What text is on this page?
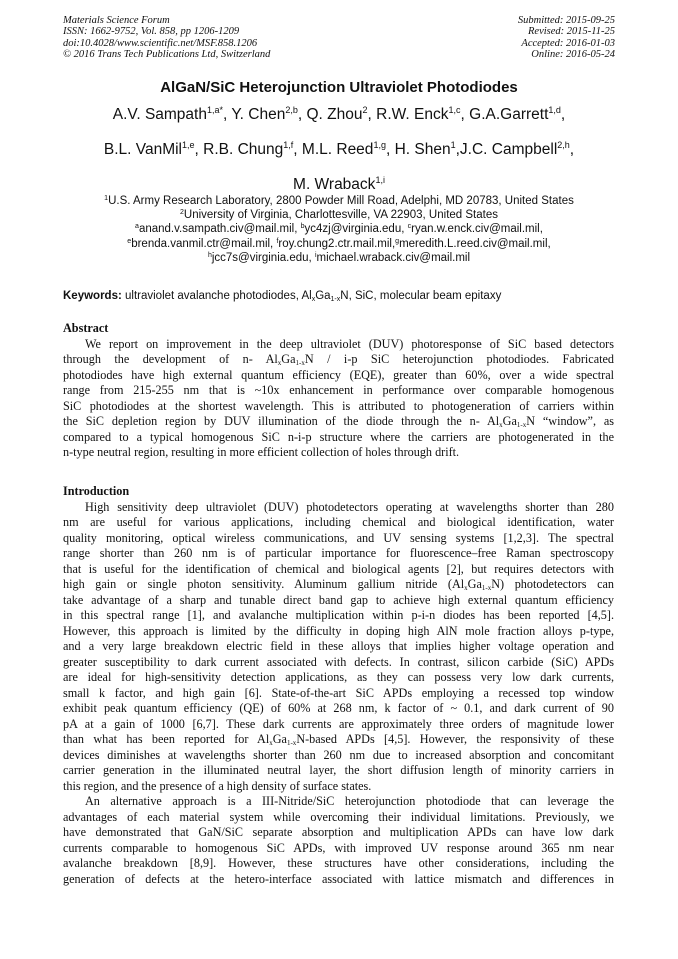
Materials Science Forum
ISSN: 1662-9752, Vol. 858, pp 1206-1209
doi:10.4028/www.scientific.net/MSF.858.1206
© 2016 Trans Tech Publications Ltd, Switzerland
Submitted: 2015-09-25
Revised: 2015-11-25
Accepted: 2016-01-03
Online: 2016-05-24
AlGaN/SiC Heterojunction Ultraviolet Photodiodes
A.V. Sampath$^{1,a*}$, Y. Chen$^{2,b}$, Q. Zhou$^2$, R.W. Enck$^{1,c}$, G.A.Garrett$^{1,d}$,
B.L. VanMil$^{1,e}$, R.B. Chung$^{1,f}$, M.L. Reed$^{1,g}$, H. Shen$^1$,J.C. Campbell$^{2,h}$,
M. Wraback$^{1,i}$
$^1$U.S. Army Research Laboratory, 2800 Powder Mill Road, Adelphi, MD 20783, United States
$^2$University of Virginia, Charlottesville, VA 22903, United States
$^a$anand.v.sampath.civ@mail.mil, $^b$yc4zj@virginia.edu, $^c$ryan.w.enck.civ@mail.mil,
$^e$brenda.vanmil.ctr@mail.mil, $^f$roy.chung2.ctr.mail.mil,$^g$meredith.L.reed.civ@mail.mil,
$^h$jcc7s@virginia.edu, $^i$michael.wraback.civ@mail.mil
Keywords: ultraviolet avalanche photodiodes, $Al_xGa_{1-x}N$, SiC, molecular beam epitaxy
Abstract
We report on improvement in the deep ultraviolet (DUV) photoresponse of SiC based detectors
through the development of n- $Al_xGa_{1-x}N / i-p$ SiC heterojunction photodiodes. Fabricated
photodiodes have high external quantum efficiency (EQE), greater than 60%, over a wide spectral
range from 215-255 nm that is ~10x enhancement in performance over comparable homogenous
SiC photodiodes at the shortest wavelength. This is attributed to photogeneration of carriers within
the SiC depletion region by DUV illumination of the diode through the n- $Al_xGa_{1-x}N$ “window”, as
compared to a typical homogenous SiC n-i-p structure where the carriers are photogenerated in the
n-type neutral region, resulting in more efficient collection of holes through drift.
Introduction
High sensitivity deep ultraviolet (DUV) photodetectors operating at wavelengths shorter than 280
nm are useful for various applications, including chemical and biological identification, water
quality monitoring, optical wireless communications, and UV sensing systems [1,2,3]. The spectral
range shorter than 260 nm is of particular importance for fluorescence–free Raman spectroscopy
that is useful for the identification of chemical and biological agents [2], but requires detectors with
high gain or single photon sensitivity. Aluminum gallium nitride $(Al_xGa_{1-x}N)$ photodetectors can
take advantage of a sharp and tunable direct band gap to achieve high external quantum efficiency
in this spectral range [1], and avalanche multiplication within p-i-n diodes has been reported [4,5].
However, this approach is limited by the difficulty in doping high AlN mole fraction alloys p-type,
and a very large breakdown electric field in these alloys that implies higher voltage operation and
greater susceptibility to dark current associated with defects. In contrast, silicon carbide (SiC) APDs
are ideal for high-sensitivity detection applications, as they can possess very low dark currents,
small k factor, and high gain [6]. State-of-the-art SiC APDs employing a recessed top window
exhibit peak quantum efficiency (QE) of 60% at 268 nm, k factor of ~ 0.1, and dark current of 90
pA at a gain of 1000 [6,7]. These dark currents are approximately three orders of magnitude lower
than what has been reported for $Al_xGa_{1-x}N$-based APDs [4,5]. However, the responsivity of these
devices diminishes at wavelengths shorter than 260 nm due to increased absorption and concomitant
carrier generation in the illuminated neutral layer, the short diffusion length of minority carriers in
this region, and the presence of a high density of surface states.
An alternative approach is a III-Nitride/SiC heterojunction photodiode that can leverage the
advantages of each material system while overcoming their individual limitations. Previously, we
have demonstrated that GaN/SiC separate absorption and multiplication APDs can have low dark
currents comparable to homogenous SiC APDs, with improved UV response around 365 nm near
avalanche breakdown [8,9]. However, these structures have other considerations, including the
generation of defects at the hetero-interface associated with lattice mismatch and differences in
